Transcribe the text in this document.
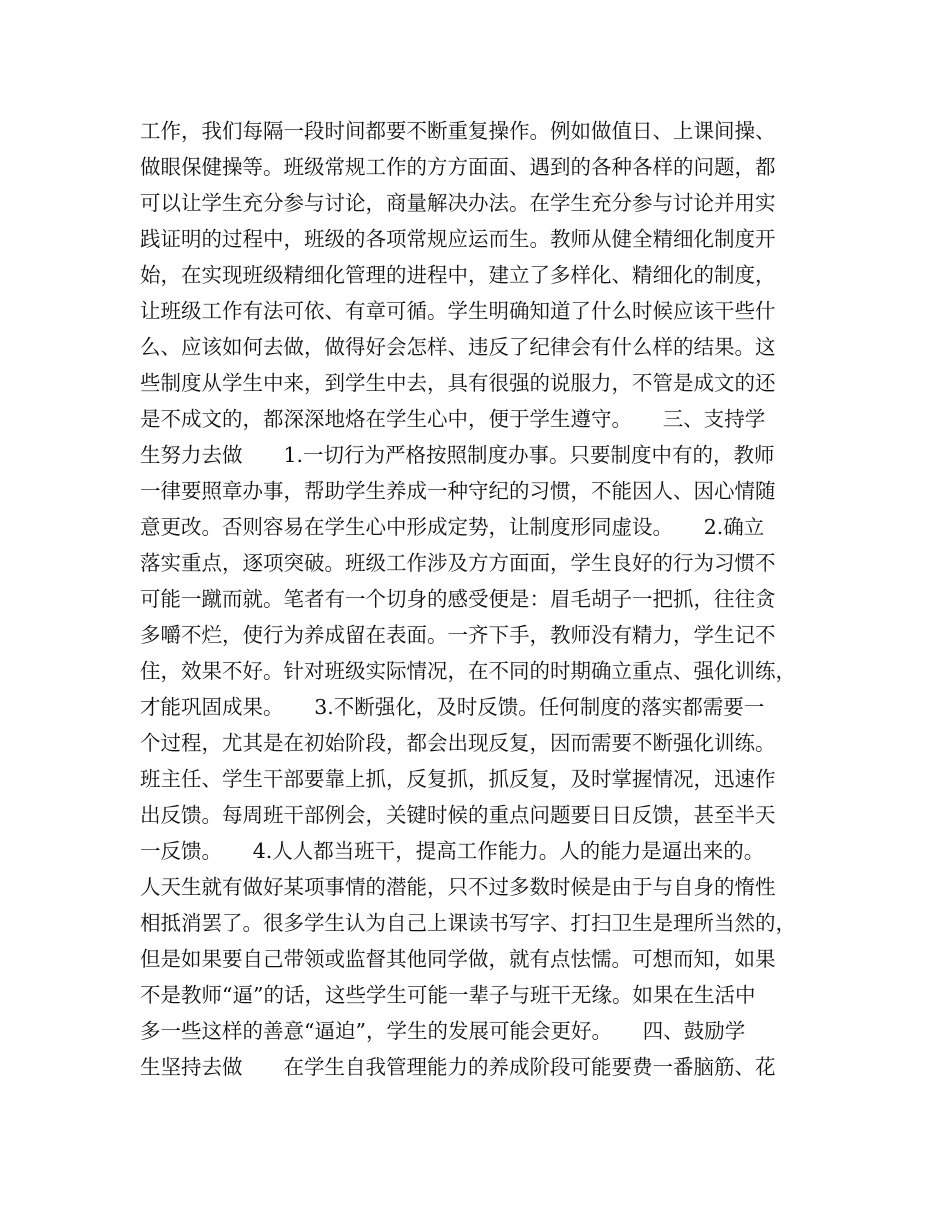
工作，我们每隔一段时间都要不断重复操作。例如做值日、上课间操、
做眼保健操等。班级常规工作的方方面面、遇到的各种各样的问题，都
可以让学生充分参与讨论，商量解决办法。在学生充分参与讨论并用实
践证明的过程中，班级的各项常规应运而生。教师从健全精细化制度开
始，在实现班级精细化管理的进程中，建立了多样化、精细化的制度，
让班级工作有法可依、有章可循。学生明确知道了什么时候应该干些什
么、应该如何去做，做得好会怎样、违反了纪律会有什么样的结果。这
些制度从学生中来，到学生中去，具有很强的说服力，不管是成文的还
是不成文的，都深深地烙在学生心中，便于学生遵守。　　三、支持学
生努力去做　　1.一切行为严格按照制度办事。只要制度中有的，教师
一律要照章办事，帮助学生养成一种守纪的习惯，不能因人、因心情随
意更改。否则容易在学生心中形成定势，让制度形同虚设。　　2.确立
落实重点，逐项突破。班级工作涉及方方面面，学生良好的行为习惯不
可能一蹴而就。笔者有一个切身的感受便是：眉毛胡子一把抓，往往贪
多嚼不烂，使行为养成留在表面。一齐下手，教师没有精力，学生记不
住，效果不好。针对班级实际情况，在不同的时期确立重点、强化训练，
才能巩固成果。　　3.不断强化，及时反馈。任何制度的落实都需要一
个过程，尤其是在初始阶段，都会出现反复，因而需要不断强化训练。
班主任、学生干部要靠上抓，反复抓，抓反复，及时掌握情况，迅速作
出反馈。每周班干部例会，关键时候的重点问题要日日反馈，甚至半天
一反馈。　　4.人人都当班干，提高工作能力。人的能力是逼出来的。
人天生就有做好某项事情的潜能，只不过多数时候是由于与自身的惰性
相抵消罢了。很多学生认为自己上课读书写字、打扫卫生是理所当然的，
但是如果要自己带领或监督其他同学做，就有点怯懦。可想而知，如果
不是教师“逼”的话，这些学生可能一辈子与班干无缘。如果在生活中
多一些这样的善意“逼迫”，学生的发展可能会更好。　　四、鼓励学
生坚持去做　　在学生自我管理能力的养成阶段可能要费一番脑筋、花
